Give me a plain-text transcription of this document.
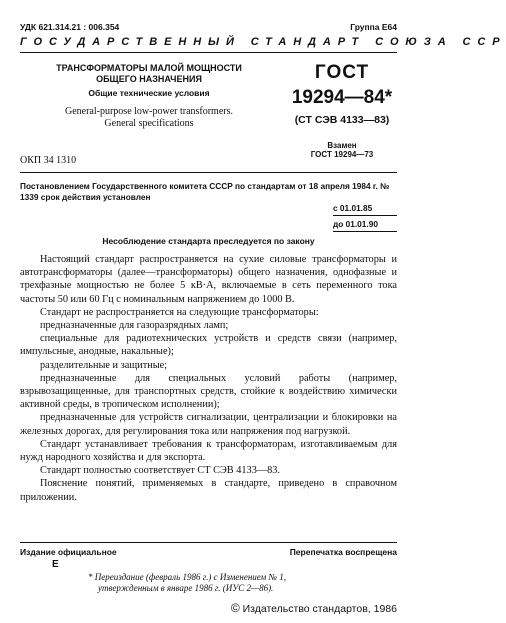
УДК 621.314.21 : 006.354	Группа Е64
ГОСУДАРСТВЕННЫЙ СТАНДАРТ СОЮЗА ССР
ТРАНСФОРМАТОРЫ МАЛОЙ МОЩНОСТИ
ОБЩЕГО НАЗНАЧЕНИЯ
Общие технические условия
General-purpose low-power transformers.
General specifications
ГОСТ
19294—84*
(СТ СЭВ 4133—83)
Взамен
ГОСТ 19294—73
ОКП 34 1310
Постановлением Государственного комитета СССР по стандартам от 18 апреля 1984 г. № 1339 срок действия установлен
с 01.01.85
до 01.01.90
Несоблюдение стандарта преследуется по закону

Настоящий стандарт распространяется на сухие силовые трансформаторы и автотрансформаторы (далее—трансформаторы) общего назначения, однофазные и трехфазные мощностью не более 5 кВ·А, включаемые в сеть переменного тока частоты 50 или 60 Гц с номинальным напряжением до 1000 В.

Стандарт не распространяется на следующие трансформаторы:

предназначенные для газоразрядных ламп;

специальные для радиотехнических устройств и средств связи (например, импульсные, анодные, накальные);

разделительные и защитные;

предназначенные для специальных условий работы (например, взрывозащищенные, для транспортных средств, стойкие к воздействию химически активной среды, в тропическом исполнении);

предназначенные для устройств сигнализации, централизации и блокировки на железных дорогах, для регулирования тока или напряжения под нагрузкой.

Стандарт устанавливает требования к трансформаторам, изготавливаемым для нужд народного хозяйства и для экспорта.

Стандарт полностью соответствует СТ СЭВ 4133—83.

Пояснение понятий, применяемых в стандарте, приведено в справочном приложении.

Издание официальное	Перепечатка воспрещена
Е
* Переиздание (февраль 1986 г.) с Изменением № 1,
утвержденным в январе 1986 г. (ИУС 2—86).
© Издательство стандартов, 1986
